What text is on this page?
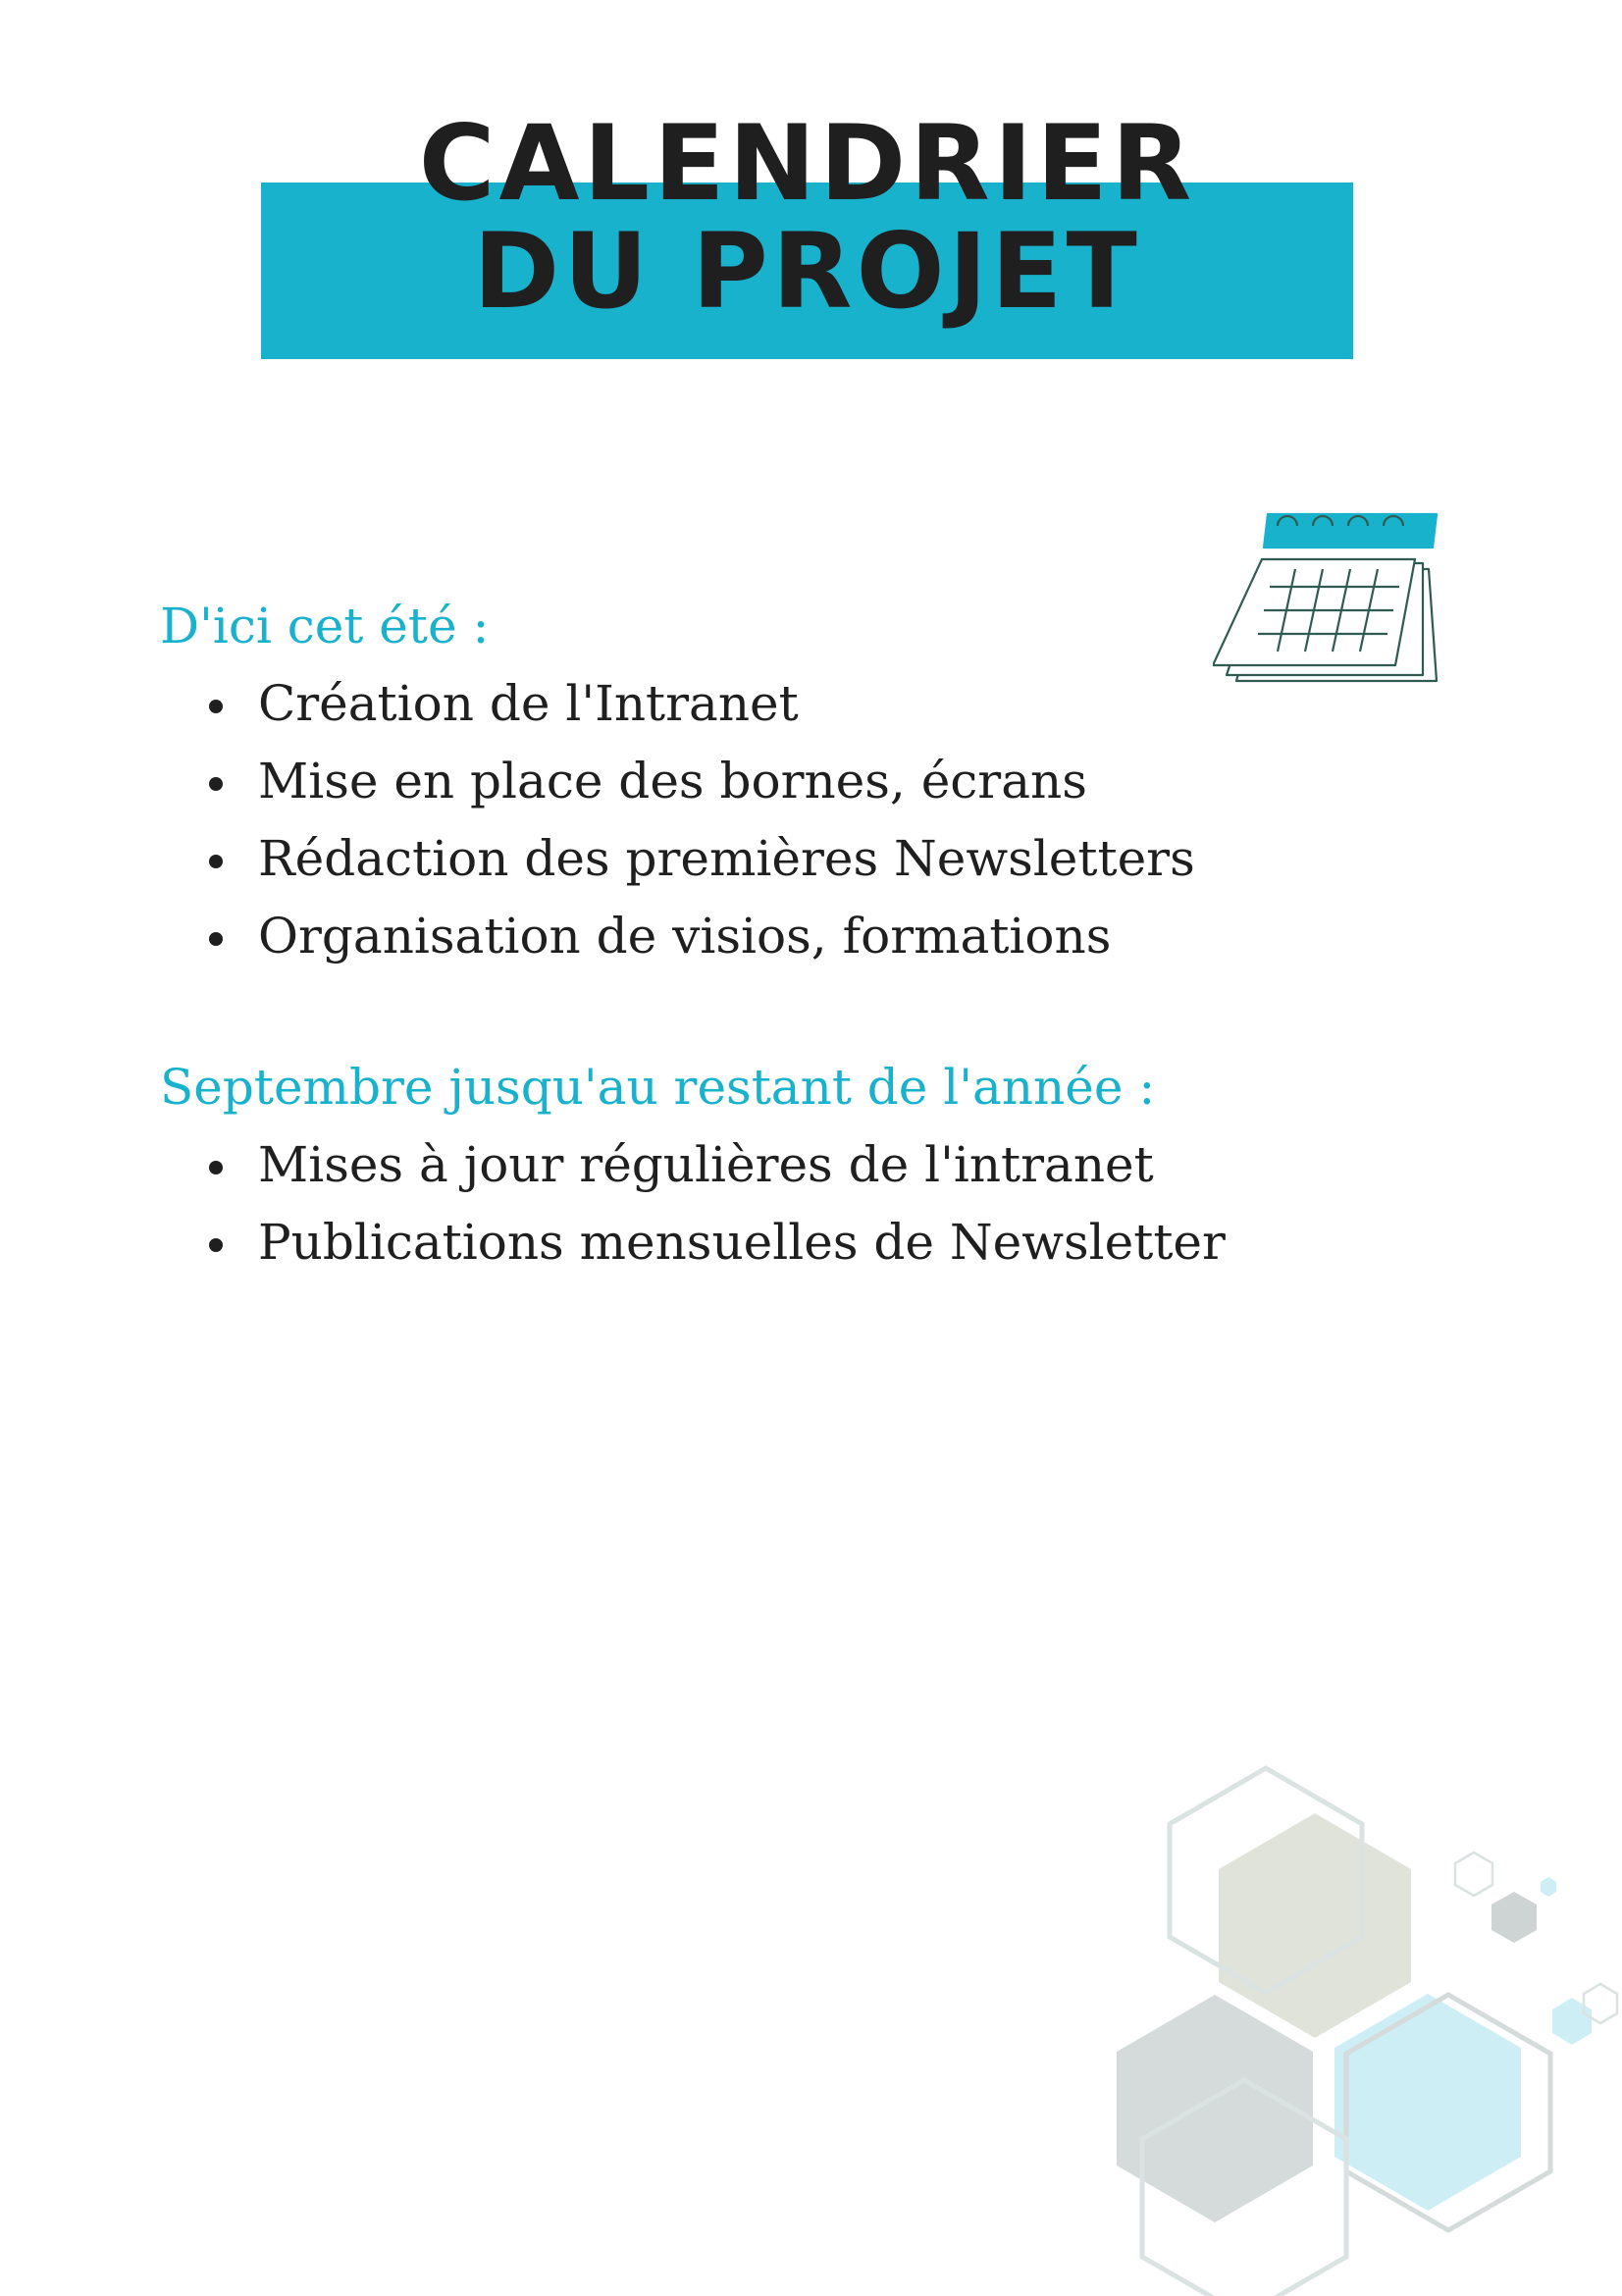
CALENDRIER
DU PROJET
D'ici cet été :
Création de l'Intranet
Mise en place des bornes, écrans
Rédaction des premières Newsletters
Organisation de visios, formations
Septembre jusqu'au restant de l'année :
Mises à jour régulières de l'intranet
Publications mensuelles de Newsletter
